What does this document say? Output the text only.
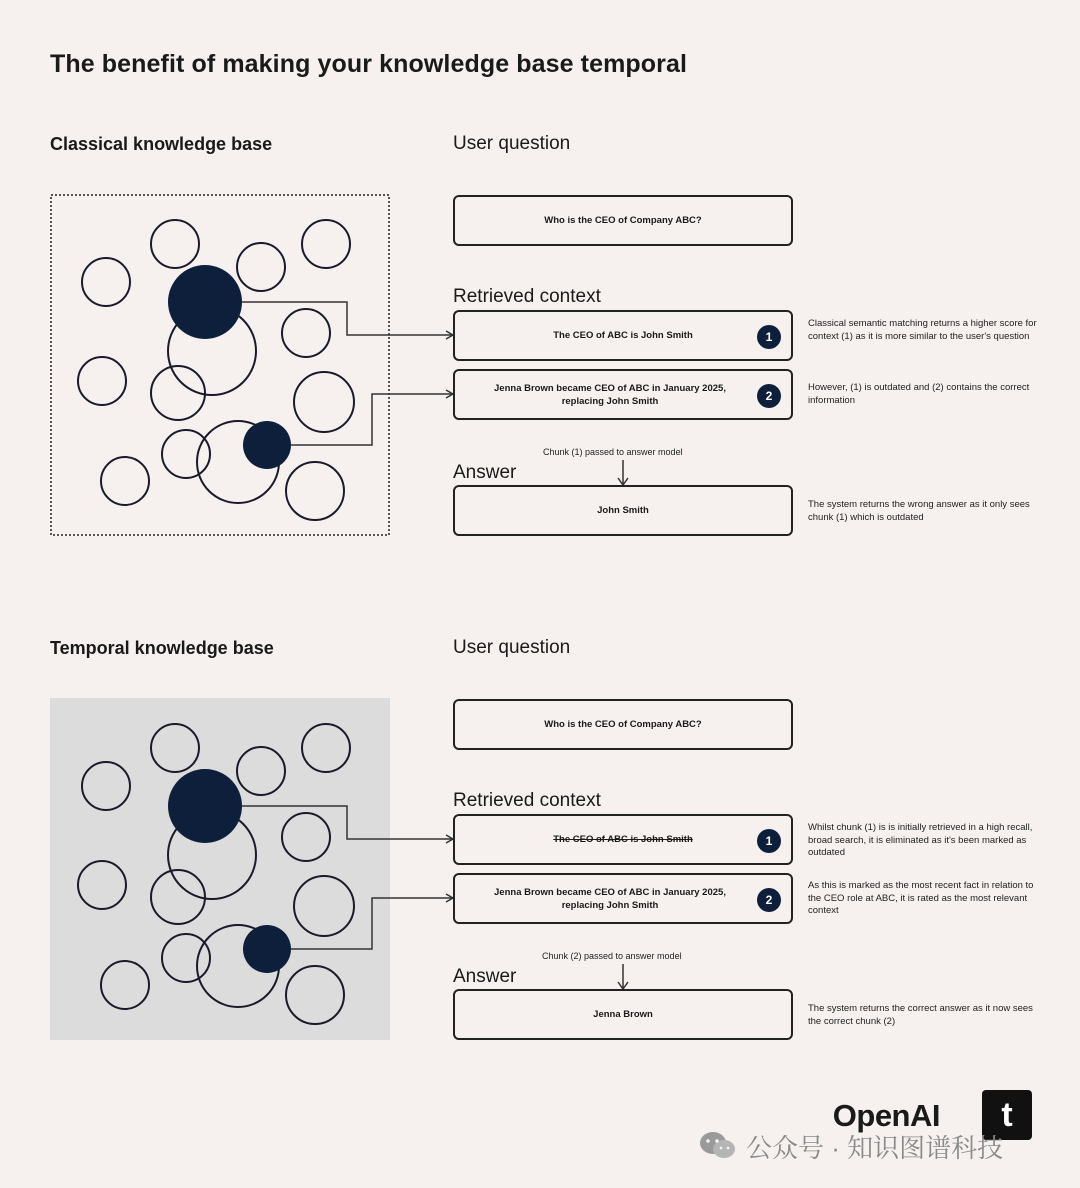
The benefit of making your knowledge base temporal
Classical knowledge base	User question
Who is the CEO of Company ABC?
Retrieved context
The CEO of ABC is John Smith	1
Classical semantic matching returns a higher score for context (1) as it is more similar to the user's question
Jenna Brown became CEO of ABC in January 2025,
replacing John Smith	2
However, (1) is outdated and (2) contains the correct information
Chunk (1) passed to answer model
Answer
John Smith
The system returns the wrong answer as it only sees chunk (1) which is outdated
Temporal knowledge base	User question
Who is the CEO of Company ABC?
Retrieved context
The CEO of ABC is John Smith	1
Whilst chunk (1) is is initially retrieved in a high recall, broad search, it is eliminated as it's been marked as outdated
Jenna Brown became CEO of ABC in January 2025,
replacing John Smith	2
As this is marked as the most recent fact in relation to the CEO role at ABC, it is rated as the most relevant context
Chunk (2) passed to answer model
Answer
Jenna Brown
The system returns the correct answer as it now sees the correct chunk (2)
OpenAI	t
公众号 · 知识图谱科技
